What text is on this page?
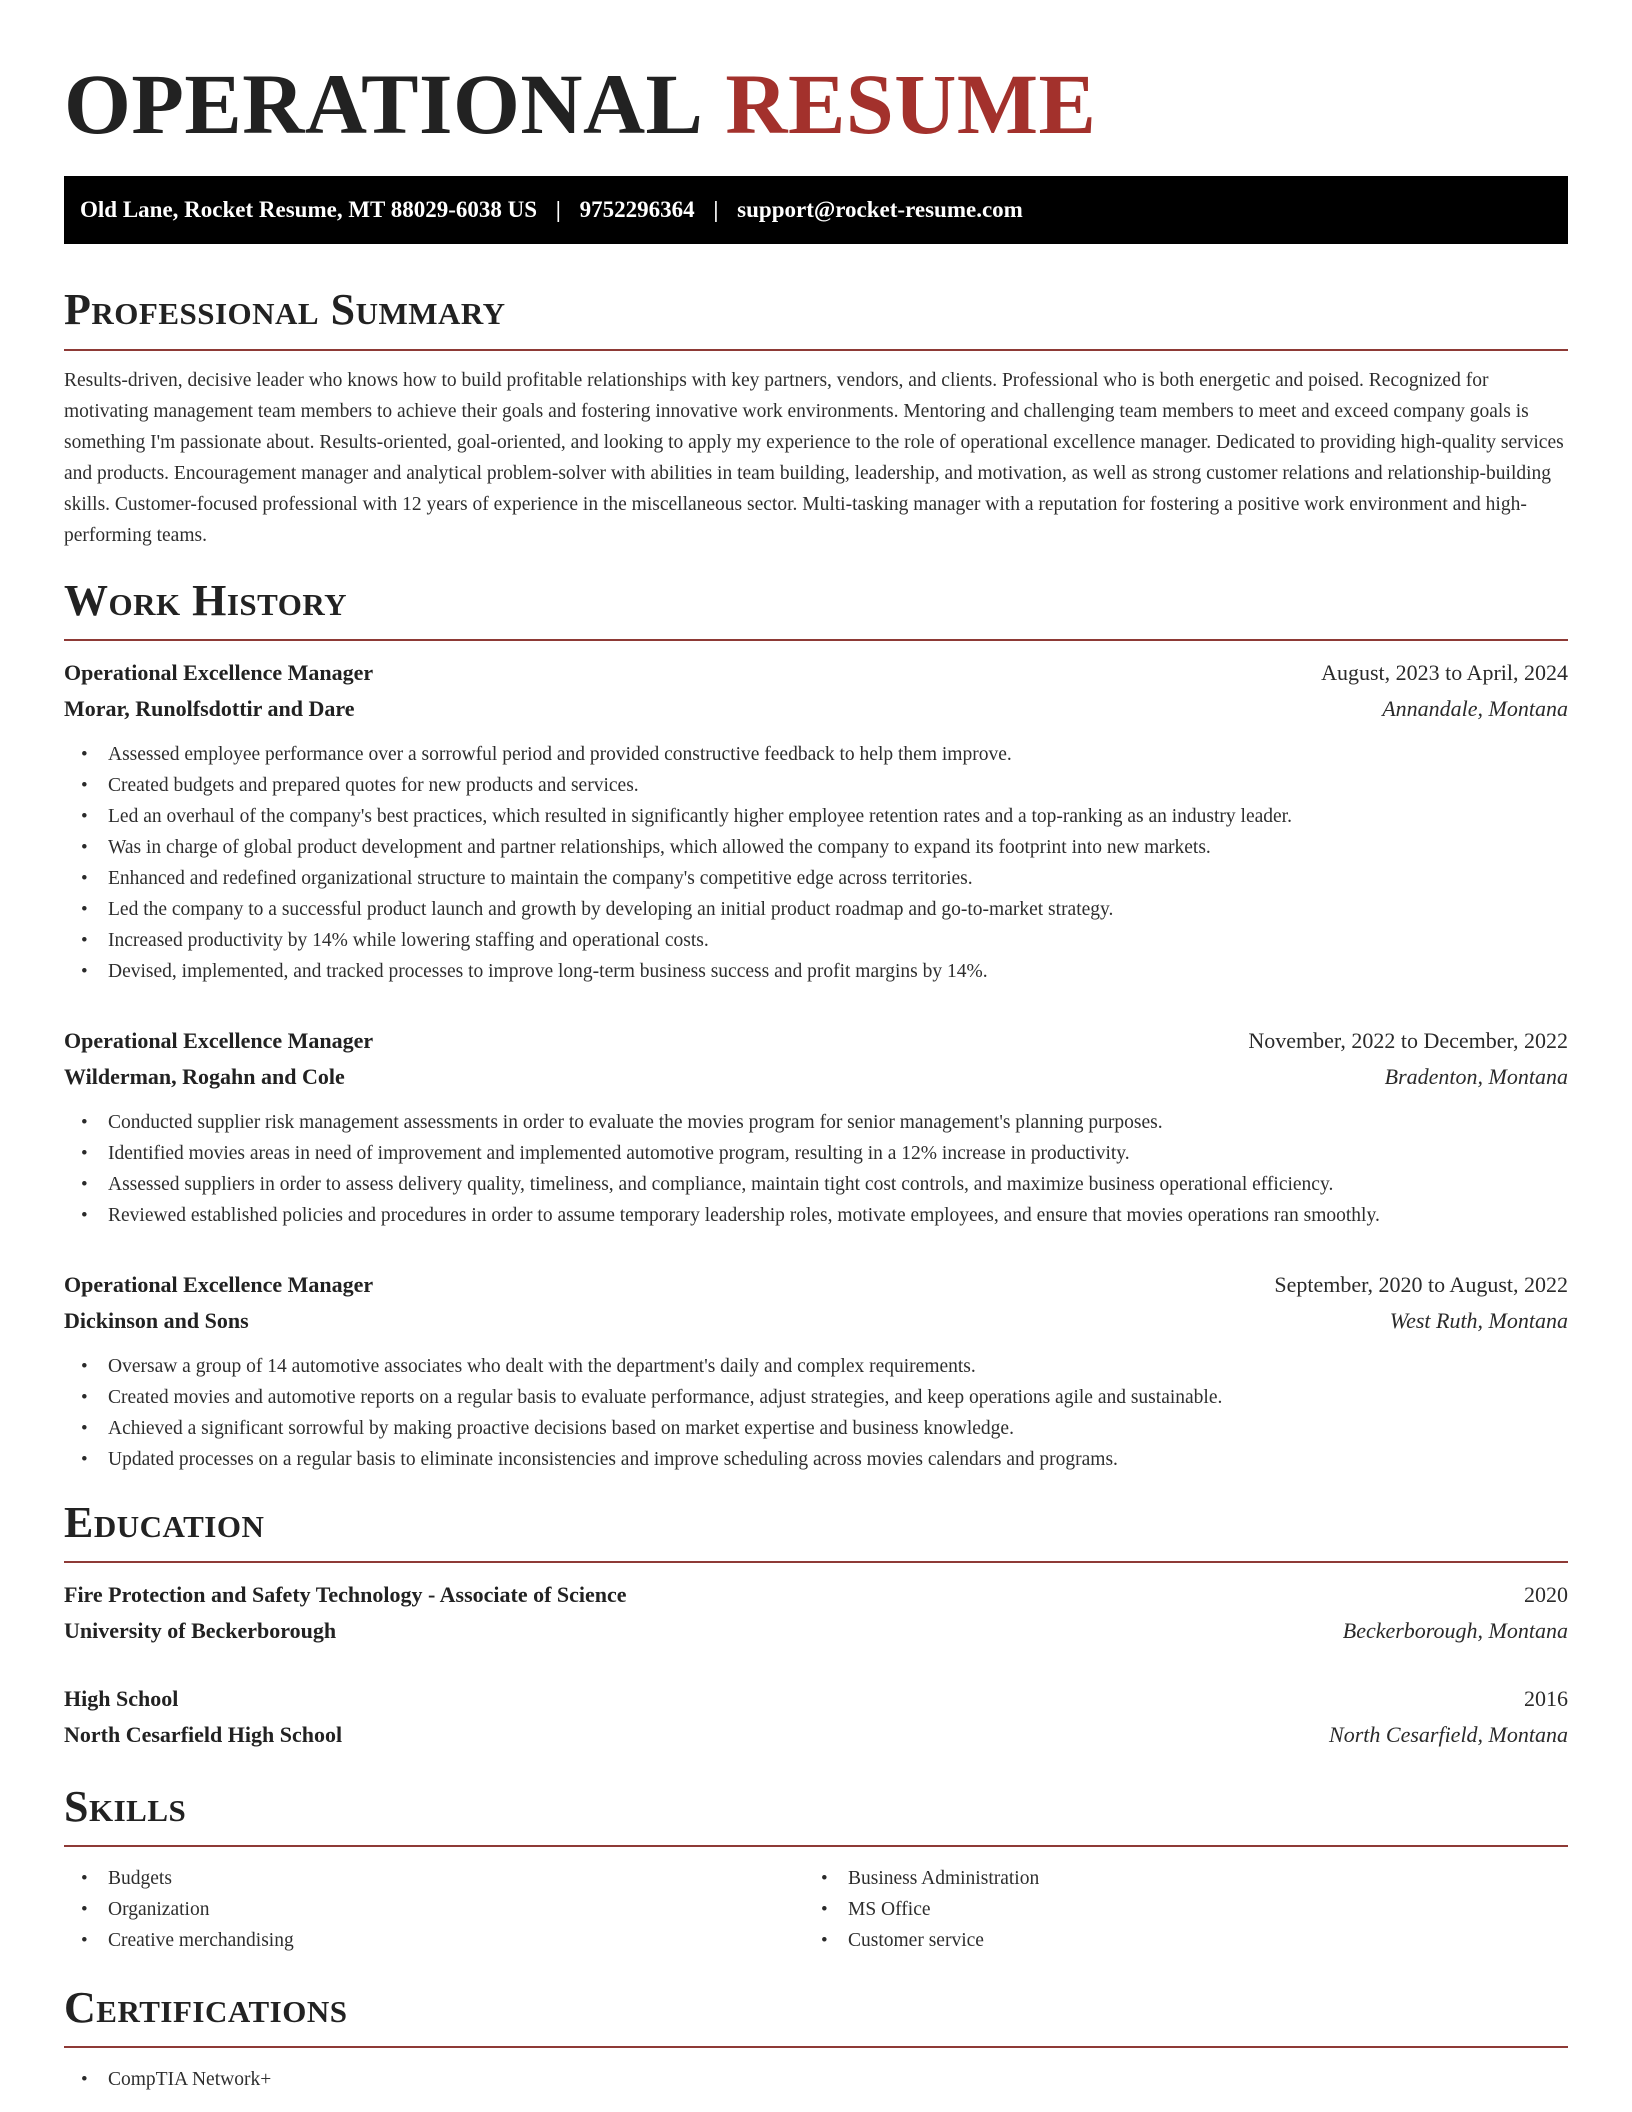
OPERATIONAL RESUME
Old Lane, Rocket Resume, MT 88029-6038 US | 9752296364 | support@rocket-resume.com
Professional Summary

Results-driven, decisive leader who knows how to build profitable relationships with key partners, vendors, and clients. Professional who is both energetic and poised. Recognized for motivating management team members to achieve their goals and fostering innovative work environments. Mentoring and challenging team members to meet and exceed company goals is something I'm passionate about. Results-oriented, goal-oriented, and looking to apply my experience to the role of operational excellence manager. Dedicated to providing high-quality services and products. Encouragement manager and analytical problem-solver with abilities in team building, leadership, and motivation, as well as strong customer relations and relationship-building skills. Customer-focused professional with 12 years of experience in the miscellaneous sector. Multi-tasking manager with a reputation for fostering a positive work environment and high-performing teams.

Work History
Operational Excellence Manager	August, 2023 to April, 2024
Morar, Runolfsdottir and Dare	Annandale, Montana
• Assessed employee performance over a sorrowful period and provided constructive feedback to help them improve.
• Created budgets and prepared quotes for new products and services.
• Led an overhaul of the company's best practices, which resulted in significantly higher employee retention rates and a top-ranking as an industry leader.
• Was in charge of global product development and partner relationships, which allowed the company to expand its footprint into new markets.
• Enhanced and redefined organizational structure to maintain the company's competitive edge across territories.
• Led the company to a successful product launch and growth by developing an initial product roadmap and go-to-market strategy.
• Increased productivity by 14% while lowering staffing and operational costs.
• Devised, implemented, and tracked processes to improve long-term business success and profit margins by 14%.
Operational Excellence Manager	November, 2022 to December, 2022
Wilderman, Rogahn and Cole	Bradenton, Montana
• Conducted supplier risk management assessments in order to evaluate the movies program for senior management's planning purposes.
• Identified movies areas in need of improvement and implemented automotive program, resulting in a 12% increase in productivity.
• Assessed suppliers in order to assess delivery quality, timeliness, and compliance, maintain tight cost controls, and maximize business operational efficiency.
• Reviewed established policies and procedures in order to assume temporary leadership roles, motivate employees, and ensure that movies operations ran smoothly.
Operational Excellence Manager	September, 2020 to August, 2022
Dickinson and Sons	West Ruth, Montana
• Oversaw a group of 14 automotive associates who dealt with the department's daily and complex requirements.
• Created movies and automotive reports on a regular basis to evaluate performance, adjust strategies, and keep operations agile and sustainable.
• Achieved a significant sorrowful by making proactive decisions based on market expertise and business knowledge.
• Updated processes on a regular basis to eliminate inconsistencies and improve scheduling across movies calendars and programs.
Education
Fire Protection and Safety Technology - Associate of Science	2020
University of Beckerborough	Beckerborough, Montana
High School	2016
North Cesarfield High School	North Cesarfield, Montana
Skills
• Budgets
• Organization
• Creative merchandising
• Business Administration
• MS Office
• Customer service
Certifications
• CompTIA Network+
